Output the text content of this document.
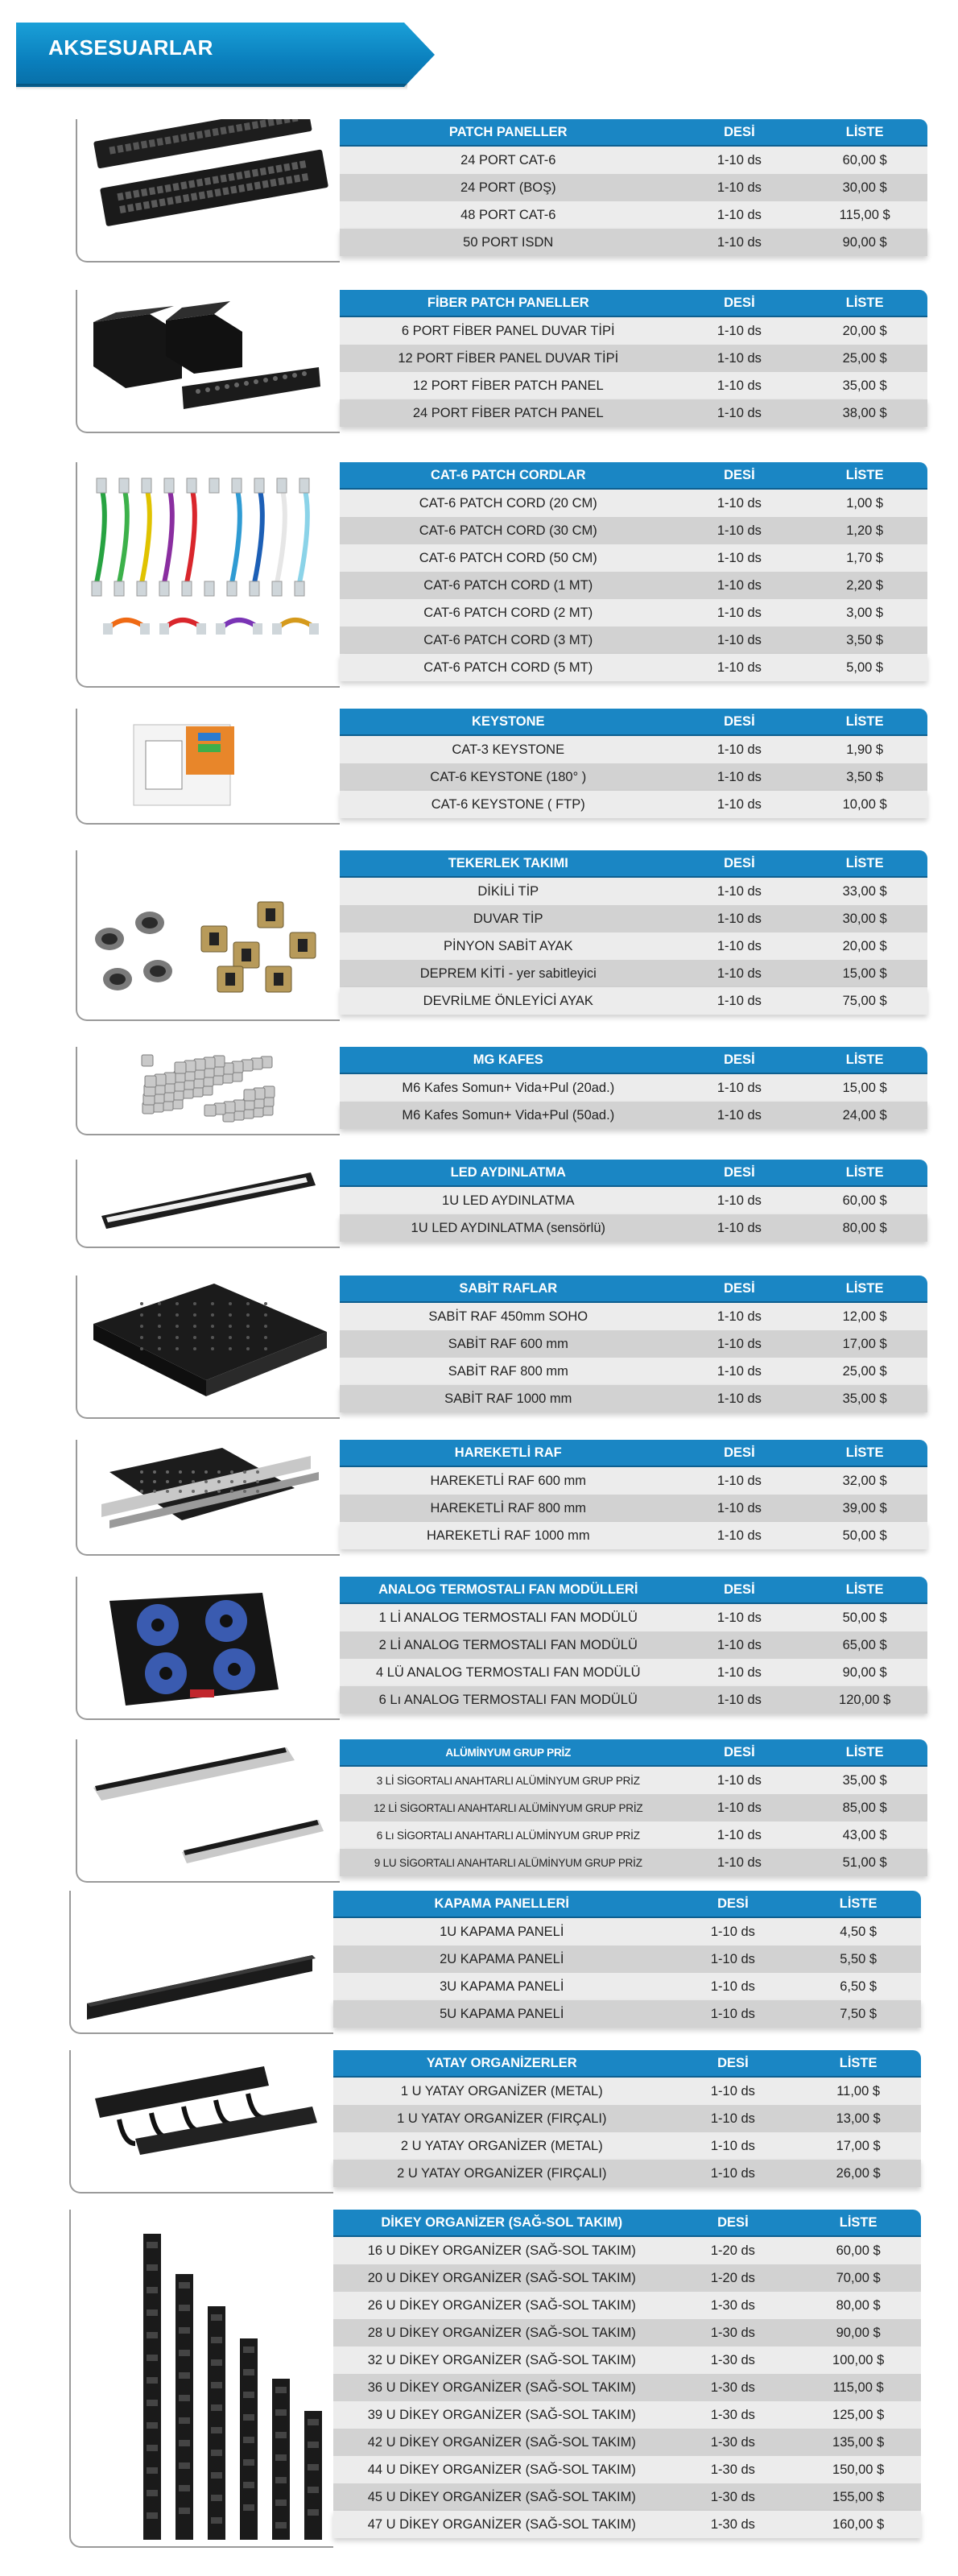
AKSESUARLAR
PATCH PANELLER	DESİ	LİSTE
24 PORT CAT-6	1-10 ds	60,00 $
24 PORT (BOŞ)	1-10 ds	30,00 $
48 PORT CAT-6	1-10 ds	115,00 $
50 PORT ISDN	1-10 ds	90,00 $
FİBER PATCH PANELLER	DESİ	LİSTE
6 PORT FİBER PANEL DUVAR TİPİ	1-10 ds	20,00 $
12 PORT FİBER PANEL DUVAR TİPİ	1-10 ds	25,00 $
12 PORT FİBER PATCH PANEL	1-10 ds	35,00 $
24 PORT FİBER PATCH PANEL	1-10 ds	38,00 $
CAT-6 PATCH CORDLAR	DESİ	LİSTE
CAT-6 PATCH CORD (20 CM)	1-10 ds	1,00 $
CAT-6 PATCH CORD (30 CM)	1-10 ds	1,20 $
CAT-6 PATCH CORD (50 CM)	1-10 ds	1,70 $
CAT-6 PATCH CORD (1 MT)	1-10 ds	2,20 $
CAT-6 PATCH CORD (2 MT)	1-10 ds	3,00 $
CAT-6 PATCH CORD (3 MT)	1-10 ds	3,50 $
CAT-6 PATCH CORD (5 MT)	1-10 ds	5,00 $
KEYSTONE	DESİ	LİSTE
CAT-3 KEYSTONE	1-10 ds	1,90 $
CAT-6 KEYSTONE (180° )	1-10 ds	3,50 $
CAT-6 KEYSTONE ( FTP)	1-10 ds	10,00 $
TEKERLEK TAKIMI	DESİ	LİSTE
DİKİLİ TİP	1-10 ds	33,00 $
DUVAR TİP	1-10 ds	30,00 $
PİNYON SABİT AYAK	1-10 ds	20,00 $
DEPREM KİTİ - yer sabitleyici	1-10 ds	15,00 $
DEVRİLME ÖNLEYİCİ AYAK	1-10 ds	75,00 $
MG KAFES	DESİ	LİSTE
M6 Kafes Somun+ Vida+Pul (20ad.)	1-10 ds	15,00 $
M6 Kafes Somun+ Vida+Pul (50ad.)	1-10 ds	24,00 $
LED AYDINLATMA	DESİ	LİSTE
1U LED AYDINLATMA	1-10 ds	60,00 $
1U LED AYDINLATMA (sensörlü)	1-10 ds	80,00 $
SABİT RAFLAR	DESİ	LİSTE
SABİT RAF 450mm SOHO	1-10 ds	12,00 $
SABİT RAF 600 mm	1-10 ds	17,00 $
SABİT RAF 800 mm	1-10 ds	25,00 $
SABİT RAF 1000 mm	1-10 ds	35,00 $
HAREKETLİ RAF	DESİ	LİSTE
HAREKETLİ RAF 600 mm	1-10 ds	32,00 $
HAREKETLİ RAF 800 mm	1-10 ds	39,00 $
HAREKETLİ RAF 1000 mm	1-10 ds	50,00 $
ANALOG TERMOSTALI FAN MODÜLLERİ	DESİ	LİSTE
1 Lİ ANALOG TERMOSTALI FAN MODÜLÜ	1-10 ds	50,00 $
2 Lİ ANALOG TERMOSTALI FAN MODÜLÜ	1-10 ds	65,00 $
4 LÜ ANALOG TERMOSTALI FAN MODÜLÜ	1-10 ds	90,00 $
6 Lı ANALOG TERMOSTALI FAN MODÜLÜ	1-10 ds	120,00 $
ALÜMİNYUM GRUP PRİZ	DESİ	LİSTE
3 Lİ SİGORTALI ANAHTARLI ALÜMİNYUM GRUP PRİZ	1-10 ds	35,00 $
12 Lİ SİGORTALI ANAHTARLI ALÜMİNYUM GRUP PRİZ	1-10 ds	85,00 $
6 Lı SİGORTALI ANAHTARLI ALÜMİNYUM GRUP PRİZ	1-10 ds	43,00 $
9 LU SİGORTALI ANAHTARLI ALÜMİNYUM GRUP PRİZ	1-10 ds	51,00 $
KAPAMA PANELLERİ	DESİ	LİSTE
1U KAPAMA PANELİ	1-10 ds	4,50 $
2U KAPAMA PANELİ	1-10 ds	5,50 $
3U KAPAMA PANELİ	1-10 ds	6,50 $
5U KAPAMA PANELİ	1-10 ds	7,50 $
YATAY ORGANİZERLER	DESİ	LİSTE
1 U YATAY ORGANİZER (METAL)	1-10 ds	11,00 $
1 U YATAY ORGANİZER (FIRÇALI)	1-10 ds	13,00 $
2 U YATAY ORGANİZER (METAL)	1-10 ds	17,00 $
2 U YATAY ORGANİZER (FIRÇALI)	1-10 ds	26,00 $
DİKEY ORGANİZER (SAĞ-SOL TAKIM)	DESİ	LİSTE
16 U DİKEY ORGANİZER (SAĞ-SOL TAKIM)	1-20 ds	60,00 $
20 U DİKEY ORGANİZER (SAĞ-SOL TAKIM)	1-20 ds	70,00 $
26 U DİKEY ORGANİZER (SAĞ-SOL TAKIM)	1-30 ds	80,00 $
28 U DİKEY ORGANİZER (SAĞ-SOL TAKIM)	1-30 ds	90,00 $
32 U DİKEY ORGANİZER (SAĞ-SOL TAKIM)	1-30 ds	100,00 $
36 U DİKEY ORGANİZER (SAĞ-SOL TAKIM)	1-30 ds	115,00 $
39 U DİKEY ORGANİZER (SAĞ-SOL TAKIM)	1-30 ds	125,00 $
42 U DİKEY ORGANİZER (SAĞ-SOL TAKIM)	1-30 ds	135,00 $
44 U DİKEY ORGANİZER (SAĞ-SOL TAKIM)	1-30 ds	150,00 $
45 U DİKEY ORGANİZER (SAĞ-SOL TAKIM)	1-30 ds	155,00 $
47 U DİKEY ORGANİZER (SAĞ-SOL TAKIM)	1-30 ds	160,00 $
